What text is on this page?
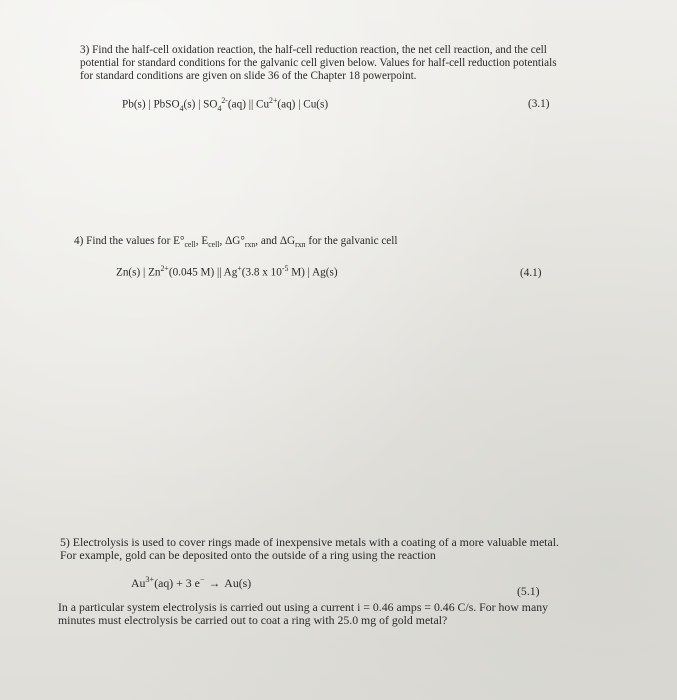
3) Find the half-cell oxidation reaction, the half-cell reduction reaction, the net cell reaction, and the cell

potential for standard conditions for the galvanic cell given below. Values for half-cell reduction potentials

for standard conditions are given on slide 36 of the Chapter 18 powerpoint.

Pb(s) | PbSO$_4$(s) | $SO_4^{2-}(aq)$ || $Cu^{2+}(aq)$ | Cu(s)	(3.1)

4) Find the values for $E^\circ_{cell}$, $E_{cell}$, $\Delta G^\circ_{rxn}$, and $\Delta G_{rxn}$ for the galvanic cell

Zn(s) | $Zn^{2+}(0.045$ M) || Ag+(3.8 x $10^{-5}$ M) | Ag(s)	(4.1)

5) Electrolysis is used to cover rings made of inexpensive metals with a coating of a more valuable metal.

For example, gold can be deposited onto the outside of a ring using the reaction

$Au^{3+}(aq) + 3$ e− → Au(s)
(5.1)

In a particular system electrolysis is carried out using a current i = 0.46 amps = 0.46 C/s. For how many

minutes must electrolysis be carried out to coat a ring with 25.0 mg of gold metal?
